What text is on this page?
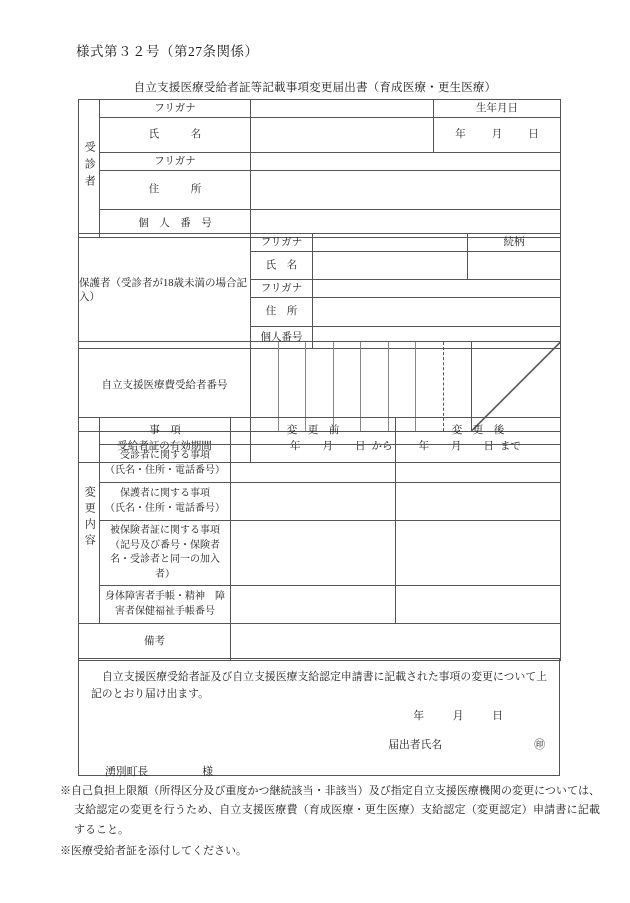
様式第３２号（第27条関係）
自立支援医療受給者証等記載事項変更届出書（育成医療・更生医療）
受診者	フリガナ		生年月日
	氏　　　名		年 月 日

	フリガナ		
	住　　　所		
	個　人　番　号		
保護者（受診者が18歳未満の場合記入）	フリガナ		続柄
	氏　名		
	フリガナ		
	住　所		
	個人番号		
自立支援医療費受給者番号	

受給者証の有効期間	年 月 日 から 年 月 日 まで
変更内容	事　項	変　更　前	変　更　後

	受診者に関する事項
（氏名・住所・電話番号）		

	保護者に関する事項
（氏名・住所・電話番号）		

	被保険者証に関する事項
（記号及び番号・保険者
名・受診者と同一の加入
者）		

	身体障害者手帳・精神　障
害者保健福祉手帳番号		

備考			
自立支援医療受給者証及び自立支援医療支給認定申請書に記載された事項の変更について上記のとおり届け出ます。
年	月	日
届出者氏名	㊞
湧別町長	様
※自己負担上限額（所得区分及び重度かつ継続該当・非該当）及び指定自立支援医療機関の変更については、支給認定の変更を行うため、自立支援医療費（育成医療・更生医療）支給認定（変更認定）申請書に記載すること。
※医療受給者証を添付してください。
